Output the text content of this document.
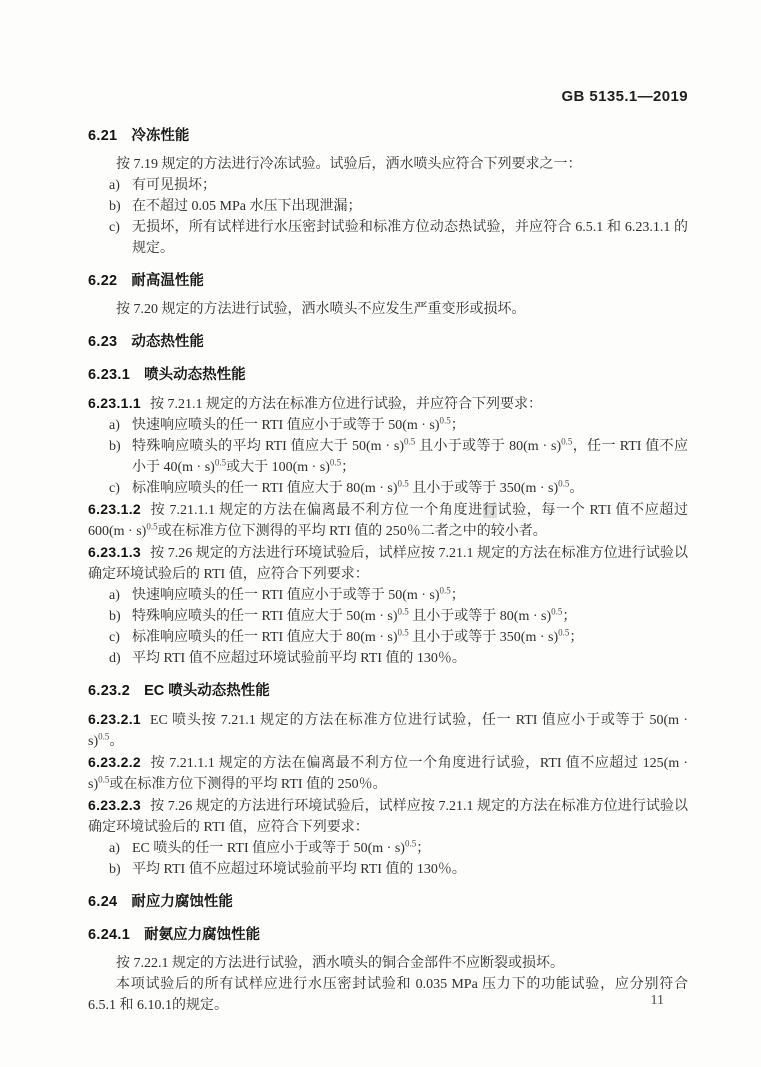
GB 5135.1—2019
6.21 冷冻性能

按 7.19 规定的方法进行冷冻试验。试验后，洒水喷头应符合下列要求之一：

a) 有可见损坏；
b) 在不超过 0.05 MPa 水压下出现泄漏；
c) 无损坏，所有试样进行水压密封试验和标准方位动态热试验，并应符合 6.5.1 和 6.23.1.1 的规定。
6.22 耐高温性能

按 7.20 规定的方法进行试验，洒水喷头不应发生严重变形或损坏。

6.23 动态热性能
6.23.1 喷头动态热性能

6.23.1.1 按 7.21.1 规定的方法在标准方位进行试验，并应符合下列要求：

a) 快速响应喷头的任一 RTI 值应小于或等于 $50(m \cdot s)^{0.5}$；
b) 特殊响应喷头的平均 RTI 值应大于 $50(m \cdot s)^{0.5}$ 且小于或等于 $80(m \cdot s)^{0.5}$，任一 RTI 值不应小于 $40(m \cdot s)^{0.5}$或大于 $100(m \cdot s)^{0.5}$；
c) 标准响应喷头的任一 RTI 值应大于 $80(m \cdot s)^{0.5}$ 且小于或等于 $350(m \cdot s)^{0.5}$。

6.23.1.2 按 7.21.1.1 规定的方法在偏离最不利方位一个角度进行试验，每一个 RTI 值不应超过 $600(m \cdot s)^{0.5}$或在标准方位下测得的平均 RTI 值的 250％二者之中的较小者。

6.23.1.3 按 7.26 规定的方法进行环境试验后，试样应按 7.21.1 规定的方法在标准方位进行试验以确定环境试验后的 RTI 值，应符合下列要求：

a) 快速响应喷头的任一 RTI 值应小于或等于 $50(m \cdot s)^{0.5}$；
b) 特殊响应喷头的任一 RTI 值应大于 $50(m \cdot s)^{0.5}$ 且小于或等于 $80(m \cdot s)^{0.5}$；
c) 标准响应喷头的任一 RTI 值应大于 $80(m \cdot s)^{0.5}$ 且小于或等于 $350(m \cdot s)^{0.5}$；
d) 平均 RTI 值不应超过环境试验前平均 RTI 值的 130％。
6.23.2 EC 喷头动态热性能

6.23.2.1 EC 喷头按 7.21.1 规定的方法在标准方位进行试验，任一 RTI 值应小于或等于 $50(m \cdot s)^{0.5}$。

6.23.2.2 按 7.21.1.1 规定的方法在偏离最不利方位一个角度进行试验，RTI 值不应超过 $125(m \cdot s)^{0.5}$或在标准方位下测得的平均 RTI 值的 250％。

6.23.2.3 按 7.26 规定的方法进行环境试验后，试样应按 7.21.1 规定的方法在标准方位进行试验以确定环境试验后的 RTI 值，应符合下列要求：

a) EC 喷头的任一 RTI 值应小于或等于 $50(m \cdot s)^{0.5}$；
b) 平均 RTI 值不应超过环境试验前平均 RTI 值的 130％。
6.24 耐应力腐蚀性能
6.24.1 耐氨应力腐蚀性能

按 7.22.1 规定的方法进行试验，洒水喷头的铜合金部件不应断裂或损坏。

本项试验后的所有试样应进行水压密封试验和 0.035 MPa 压力下的功能试验，应分别符合 6.5.1 和 6.10.1的规定。	11
